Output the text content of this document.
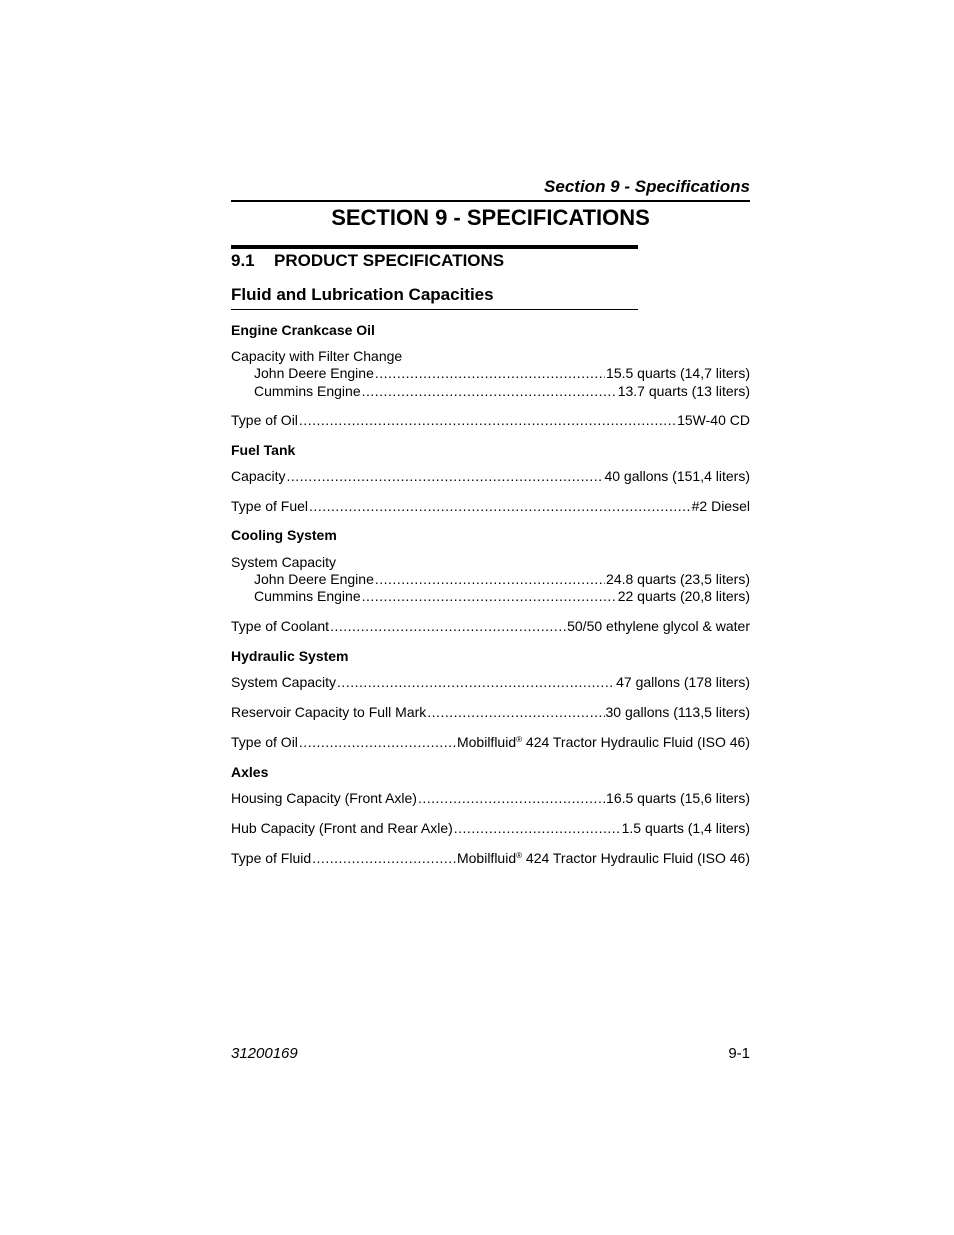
Section 9 - Specifications
SECTION 9 - SPECIFICATIONS
9.1 PRODUCT SPECIFICATIONS
Fluid and Lubrication Capacities
Engine Crankcase Oil
Capacity with Filter Change
John Deere Engine .....	15.5 quarts (14,7 liters)
Cummins Engine .....	13.7 quarts (13 liters)
Type of Oil .....	15W-40 CD
Fuel Tank
Capacity .....	40 gallons (151,4 liters)
Type of Fuel .....	#2 Diesel
Cooling System
System Capacity
John Deere Engine .....	24.8 quarts (23,5 liters)
Cummins Engine .....	22 quarts (20,8 liters)
Type of Coolant .....	50/50 ethylene glycol & water
Hydraulic System
System Capacity .....	47 gallons (178 liters)
Reservoir Capacity to Full Mark .....	30 gallons (113,5 liters)
Type of Oil .....	Mobilfluid® 424 Tractor Hydraulic Fluid (ISO 46)
Axles
Housing Capacity (Front Axle) .....	16.5 quarts (15,6 liters)
Hub Capacity (Front and Rear Axle) .....	1.5 quarts (1,4 liters)
Type of Fluid .....	Mobilfluid® 424 Tractor Hydraulic Fluid (ISO 46)
31200169	9-1
